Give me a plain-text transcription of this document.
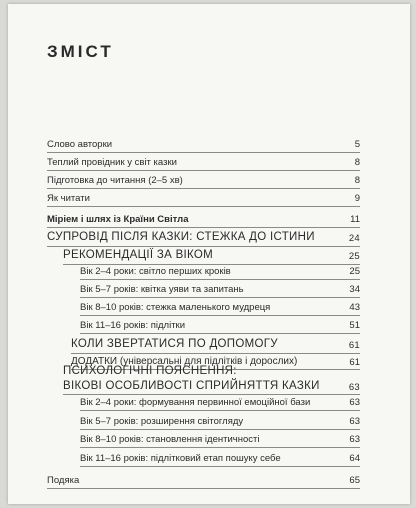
ЗМІСТ
Слово авторки	5
Теплий провідник у світ казки	8
Підготовка до читання (2–5 хв)	8
Як читати	9
Міріем і шлях із Країни Світла	11
СУПРОВІД ПІСЛЯ КАЗКИ: СТЕЖКА ДО ІСТИНИ	24
РЕКОМЕНДАЦІЇ ЗА ВІКОМ	25
Вік 2–4 роки: світло перших кроків	25
Вік 5–7 років: квітка уяви та запитань	34
Вік 8–10 років: стежка маленького мудреця	43
Вік 11–16 років: підлітки	51
КОЛИ ЗВЕРТАТИСЯ ПО ДОПОМОГУ	61
ДОДАТКИ (універсальні для підлітків і дорослих)	61
ПСИХОЛОГІЧНІ ПОЯСНЕННЯ:
ВІКОВІ ОСОБЛИВОСТІ СПРИЙНЯТТЯ КАЗКИ	63
Вік 2–4 роки: формування первинної емоційної бази	63
Вік 5–7 років: розширення світогляду	63
Вік 8–10 років: становлення ідентичності	63
Вік 11–16 років: підлітковий етап пошуку себе	64
Подяка	65
